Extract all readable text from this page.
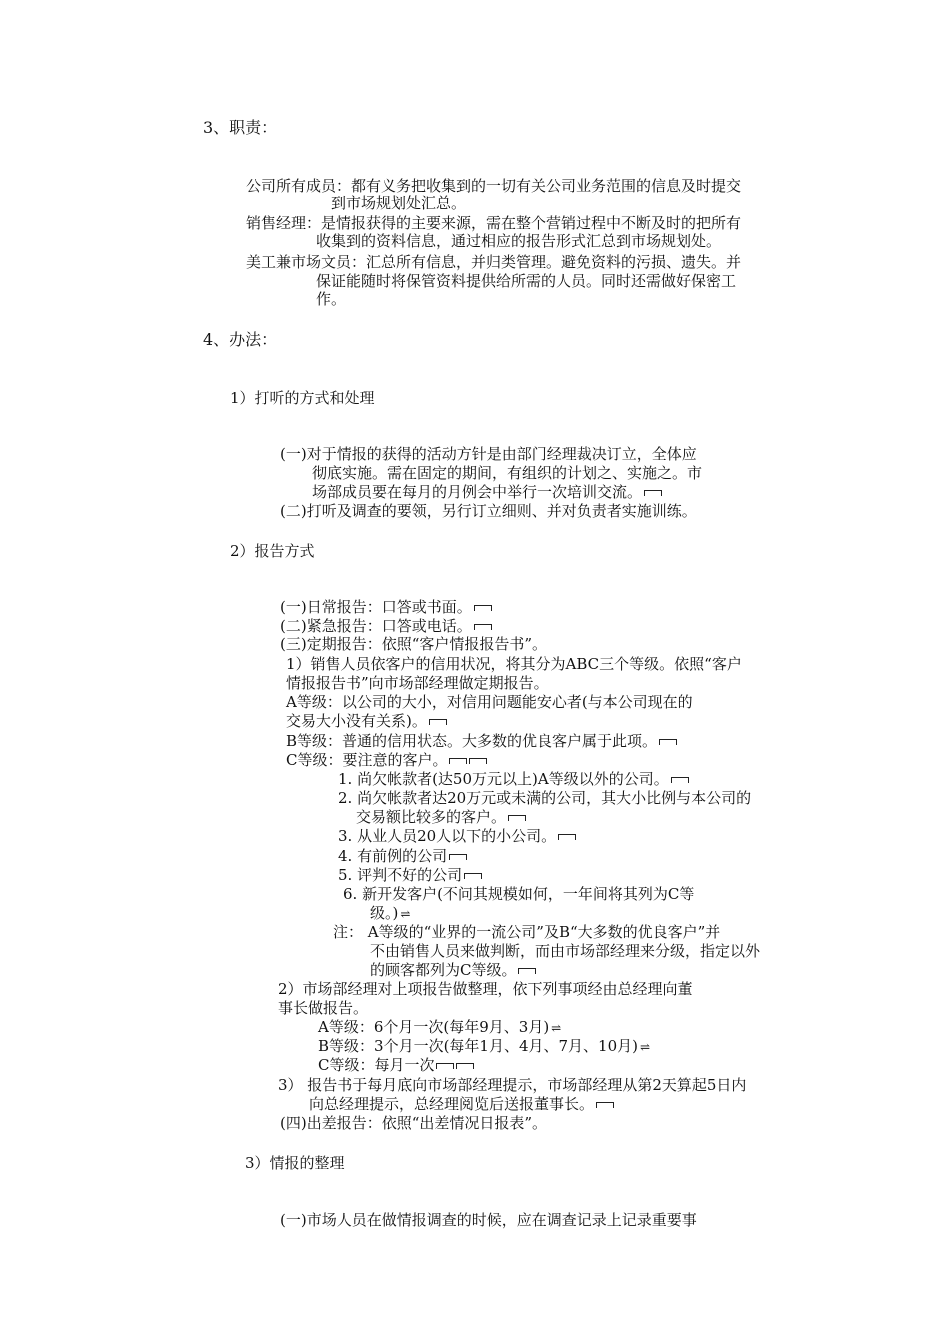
3、职责：
公司所有成员：都有义务把收集到的一切有关公司业务范围的信息及时提交
到市场规划处汇总。
销售经理：是情报获得的主要来源，需在整个营销过程中不断及时的把所有
收集到的资料信息，通过相应的报告形式汇总到市场规划处。
美工兼市场文员：汇总所有信息，并归类管理。避免资料的污损、遗失。并
保证能随时将保管资料提供给所需的人员。同时还需做好保密工
作。
4、办法：
1）打听的方式和处理
(一)对于情报的获得的活动方针是由部门经理裁决订立，全体应
彻底实施。需在固定的期间，有组织的计划之、实施之。市
场部成员要在每月的月例会中举行一次培训交流。
(二)打听及调查的要领，另行订立细则、并对负责者实施训练。
2）报告方式
(一)日常报告：口答或书面。
(二)紧急报告：口答或电话。
(三)定期报告：依照“客户情报报告书”。
1）销售人员依客户的信用状况，将其分为ABC三个等级。依照“客户
情报报告书”向市场部经理做定期报告。
A等级：以公司的大小，对信用问题能安心者(与本公司现在的
交易大小没有关系)。
B等级：普通的信用状态。大多数的优良客户属于此项。
C等级：要注意的客户。
1. 尚欠帐款者(达50万元以上)A等级以外的公司。
2. 尚欠帐款者达20万元或未满的公司，其大小比例与本公司的
交易额比较多的客户。
3. 从业人员20人以下的小公司。
4. 有前例的公司
5. 评判不好的公司
6. 新开发客户(不问其规模如何，一年间将其列为C等
级。) ⇌
注： A等级的“业界的一流公司”及B“大多数的优良客户”并
不由销售人员来做判断，而由市场部经理来分级，指定以外
的顾客都列为C等级。
2）市场部经理对上项报告做整理，依下列事项经由总经理向董
事长做报告。
A等级：6个月一次(每年9月、3月) ⇌
B等级：3个月一次(每年1月、4月、7月、10月) ⇌
C等级：每月一次
3） 报告书于每月底向市场部经理提示，市场部经理从第2天算起5日内
向总经理提示，总经理阅览后送报董事长。
(四)出差报告：依照“出差情况日报表”。
3）情报的整理
(一)市场人员在做情报调查的时候，应在调查记录上记录重要事
